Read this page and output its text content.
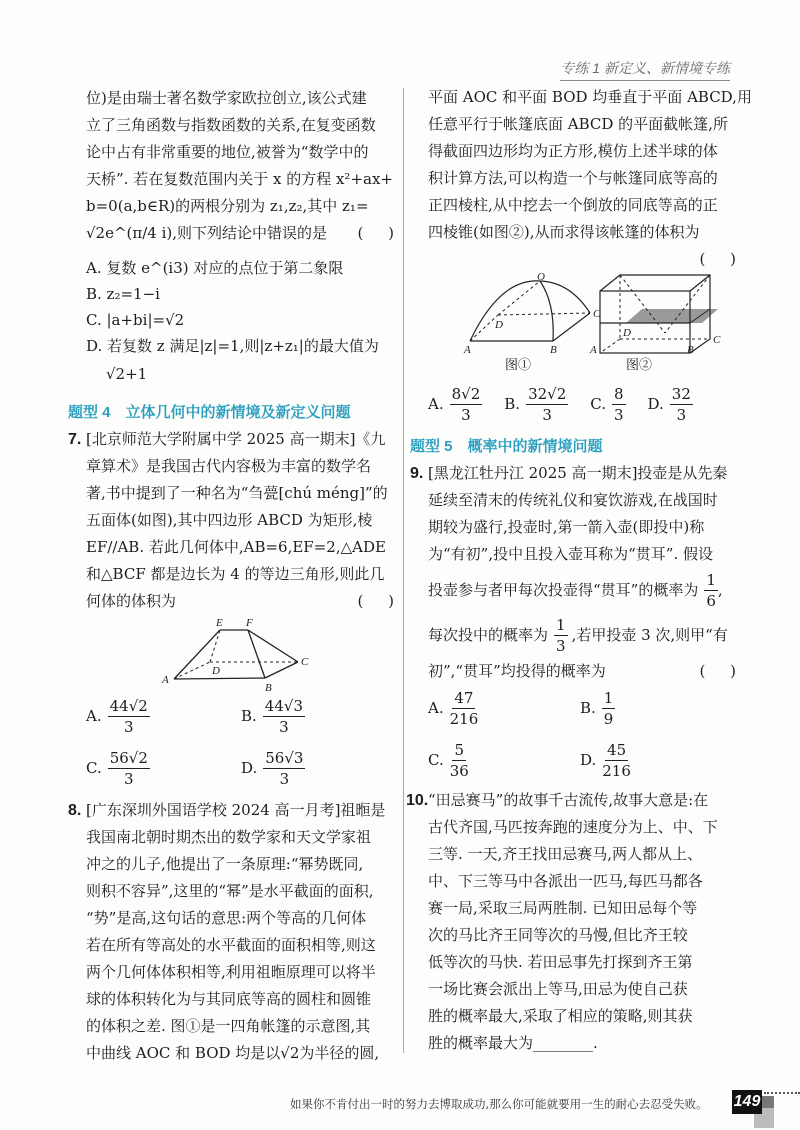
专练 1 新定义、新情境专练
位)是由瑞士著名数学家欧拉创立,该公式建
立了三角函数与指数函数的关系,在复变函数
论中占有非常重要的地位,被誉为“数学中的
天桥”. 若在复数范围内关于 x 的方程 x²+ax+
b=0(a,b∈R)的两根分别为 z₁,z₂,其中 z₁=
√2e^(π/4 i),则下列结论中错误的是 ( )
A. 复数 e^(i3) 对应的点位于第二象限
B. z₂=1−i
C. |a+bi|=√2
D. 若复数 z 满足|z|=1,则|z+z₁|的最大值为
√2+1
题型 4　立体几何中的新情境及新定义问题
7. [北京师范大学附属中学 2025 高一期末]《九
章算术》是我国古代内容极为丰富的数学名
著,书中提到了一种名为“刍甍[chú méng]”的
五面体(如图),其中四边形 ABCD 为矩形,棱
EF//AB. 若此几何体中,AB=6,EF=2,△ADE
和△BCF 都是边长为 4 的等边三角形,则此几
何体的体积为	( )
E F
A
B
C
D
A. $\frac{44√2}{3}$	B. $\frac{44√3}{3}$
C. $\frac{56√2}{3}$	D. $\frac{56√3}{3}$
8. [广东深圳外国语学校 2024 高一月考]祖暅是
我国南北朝时期杰出的数学家和天文学家祖
冲之的儿子,他提出了一条原理:“幂势既同,
则积不容异”,这里的“幂”是水平截面的面积,
“势”是高,这句话的意思:两个等高的几何体
若在所有等高处的水平截面的面积相等,则这
两个几何体体积相等,利用祖暅原理可以将半
球的体积转化为与其同底等高的圆柱和圆锥
的体积之差. 图①是一四角帐篷的示意图,其
中曲线 AOC 和 BOD 均是以√2为半径的圆,
平面 AOC 和平面 BOD 均垂直于平面 ABCD,用
任意平行于帐篷底面 ABCD 的平面截帐篷,所
得截面四边形均为正方形,模仿上述半球的体
积计算方法,可以构造一个与帐篷同底等高的
正四棱柱,从中挖去一个倒放的同底等高的正
四棱锥(如图②),从而求得该帐篷的体积为
( )
O
A	B
C
D
A	B
C
D
图①	图②
A. $\frac{8√2}{3} B$. $\frac{32√2}{3} C$. $\frac{8}{3} D$. $\frac{32}{3}$
题型 5　概率中的新情境问题
9. [黑龙江牡丹江 2025 高一期末]投壶是从先秦
延续至清末的传统礼仪和宴饮游戏,在战国时
期较为盛行,投壶时,第一箭入壶(即投中)称
为“有初”,投中且投入壶耳称为“贯耳”. 假设
投壶参与者甲每次投壶得“贯耳”的概率为 $\frac{1}{6}$ ,
每次投中的概率为 $\frac{1}{3}$ ,若甲投壶 3 次,则甲“有
初”,“贯耳”均投得的概率为	( )
A. $\frac{47}{216}$	B. $\frac{1}{9}$
C. $\frac{5}{36}$	D. $\frac{45}{216}$
10. “田忌赛马”的故事千古流传,故事大意是:在
古代齐国,马匹按奔跑的速度分为上、中、下
三等. 一天,齐王找田忌赛马,两人都从上、
中、下三等马中各派出一匹马,每匹马都各
赛一局,采取三局两胜制. 已知田忌每个等
次的马比齐王同等次的马慢,但比齐王较
低等次的马快. 若田忌事先打探到齐王第
一场比赛会派出上等马,田忌为使自己获
胜的概率最大,采取了相应的策略,则其获
胜的概率最大为________.
如果你不肯付出一时的努力去博取成功,那么你可能就要用一生的耐心去忍受失败。 149
